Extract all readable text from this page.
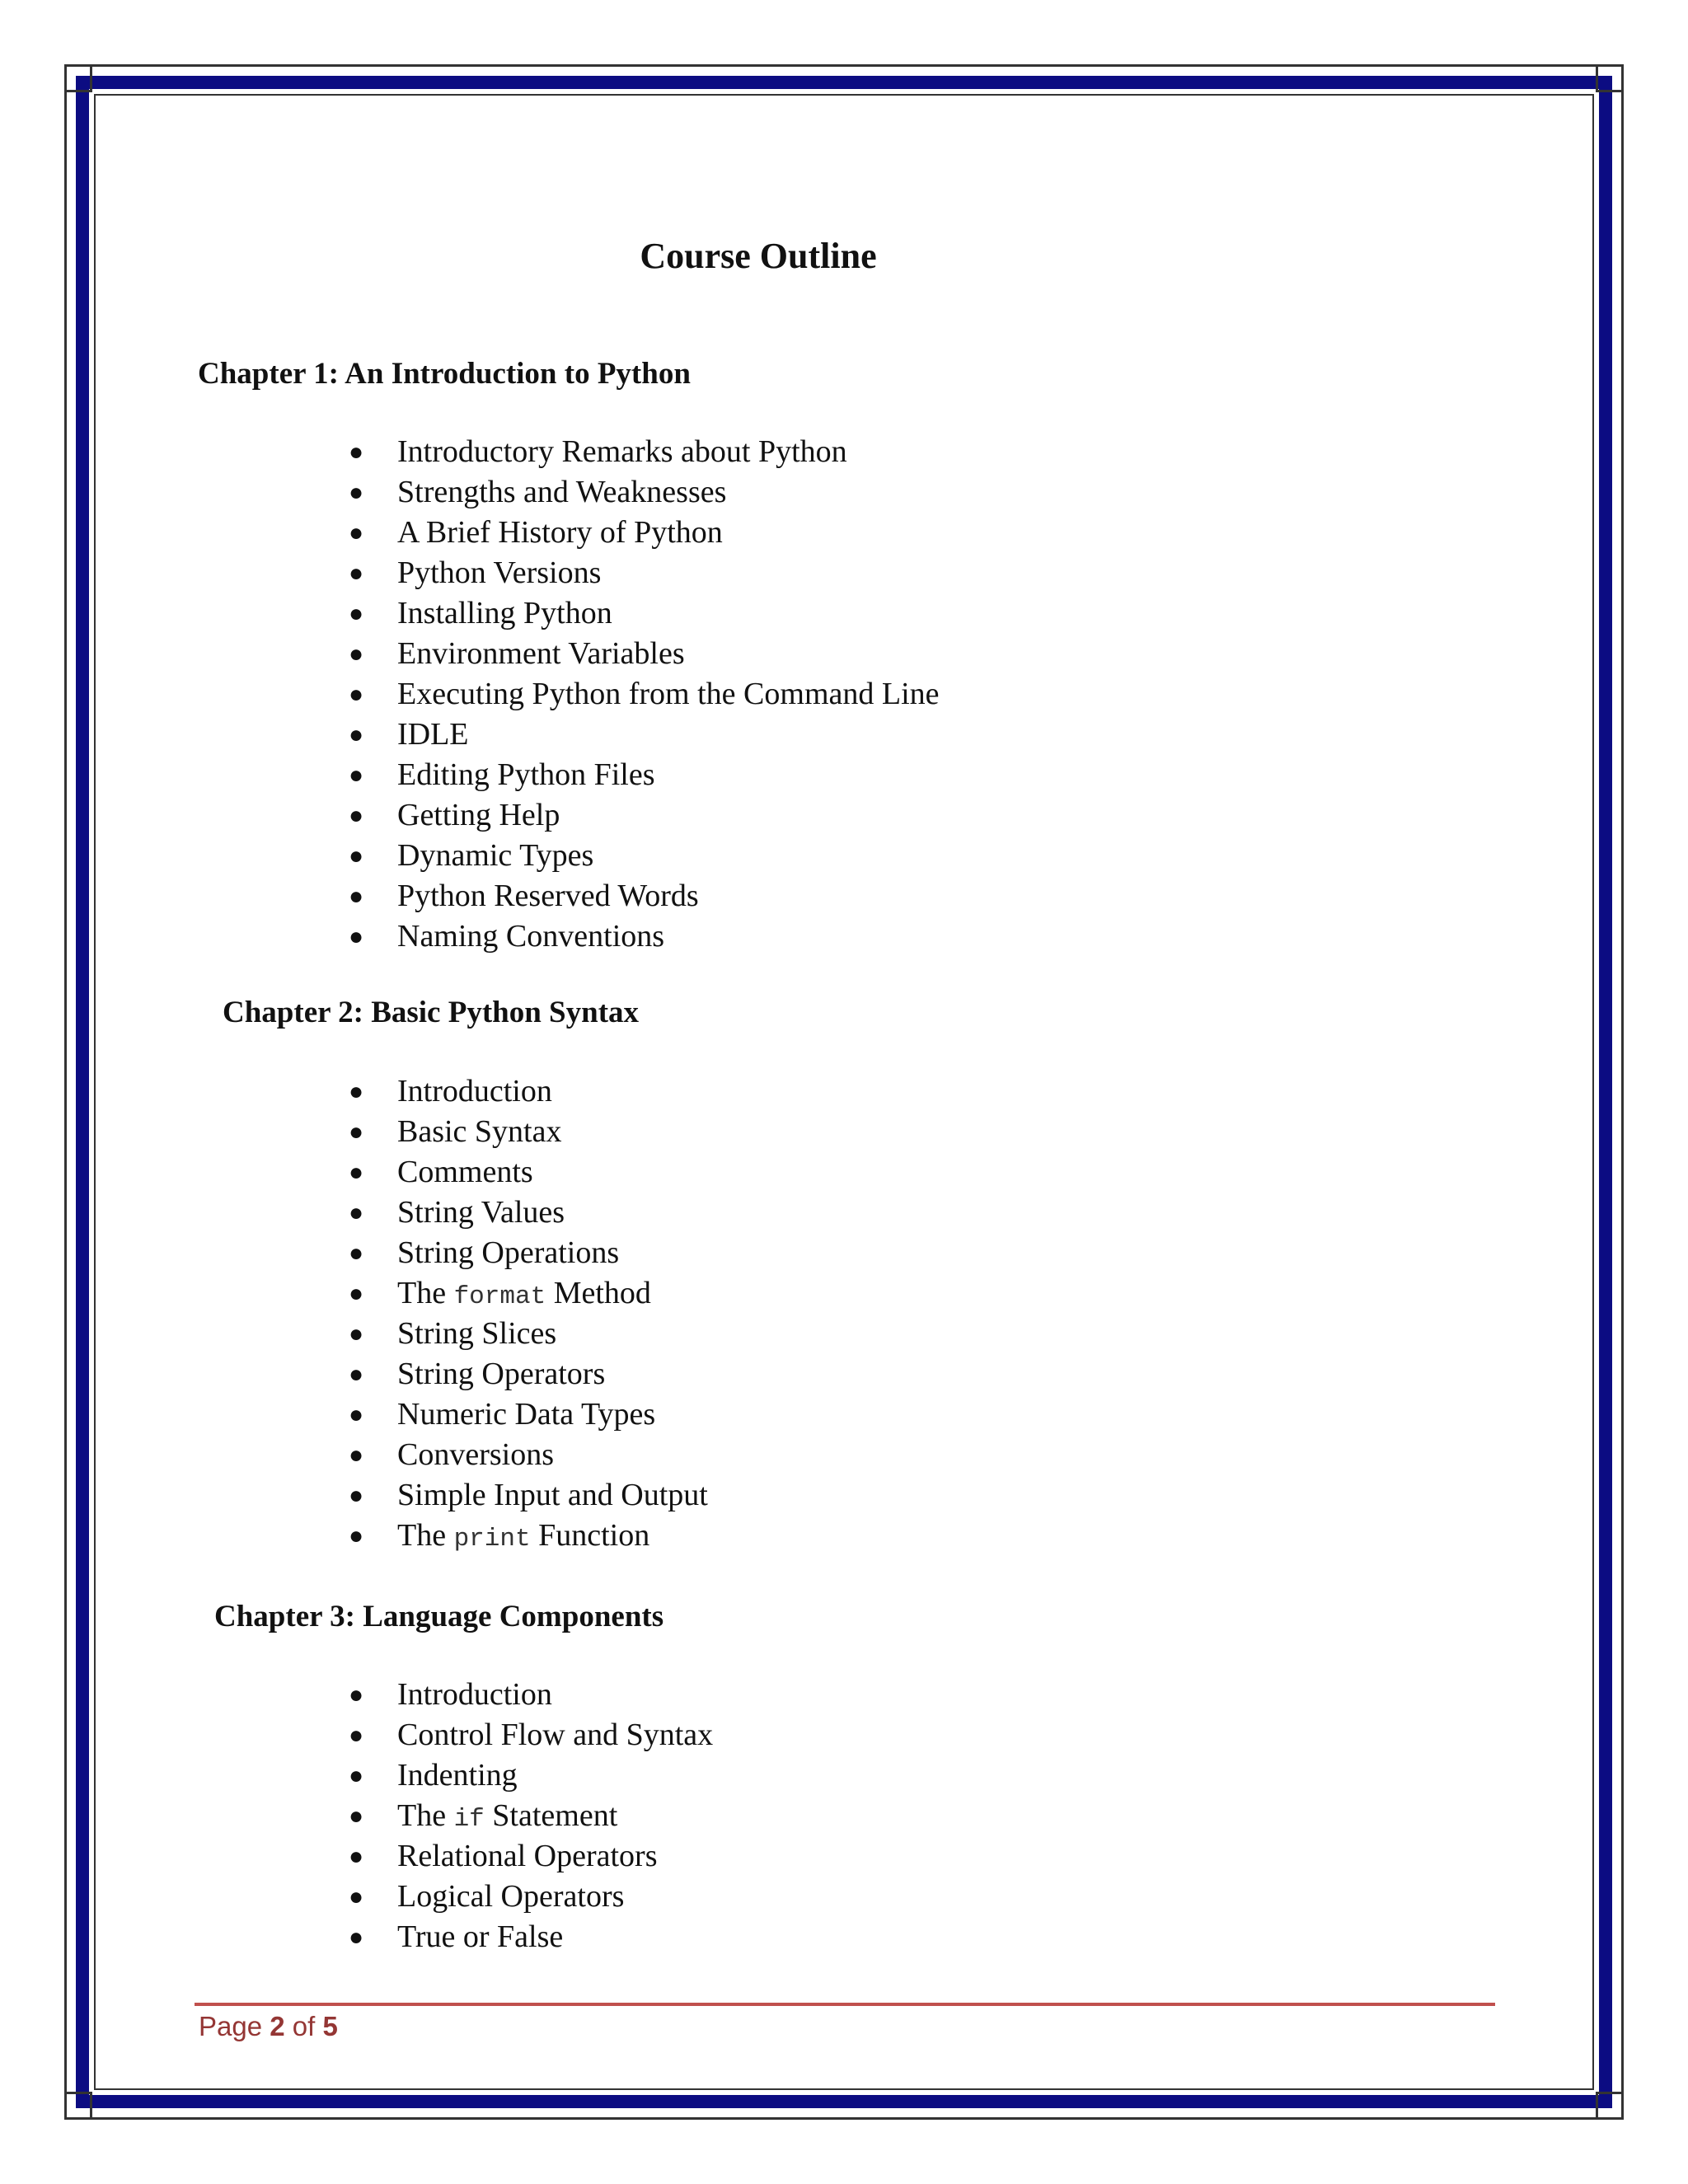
Course Outline
Chapter 1: An Introduction to Python
● Introductory Remarks about Python
● Strengths and Weaknesses
● A Brief History of Python
● Python Versions
● Installing Python
● Environment Variables
● Executing Python from the Command Line
● IDLE
● Editing Python Files
● Getting Help
● Dynamic Types
● Python Reserved Words
● Naming Conventions
Chapter 2: Basic Python Syntax
● Introduction
● Basic Syntax
● Comments
● String Values
● String Operations
● The format Method
● String Slices
● String Operators
● Numeric Data Types
● Conversions
● Simple Input and Output
● The print Function
Chapter 3: Language Components
● Introduction
● Control Flow and Syntax
● Indenting
● The if Statement
● Relational Operators
● Logical Operators
● True or False
Page 2 of 5
